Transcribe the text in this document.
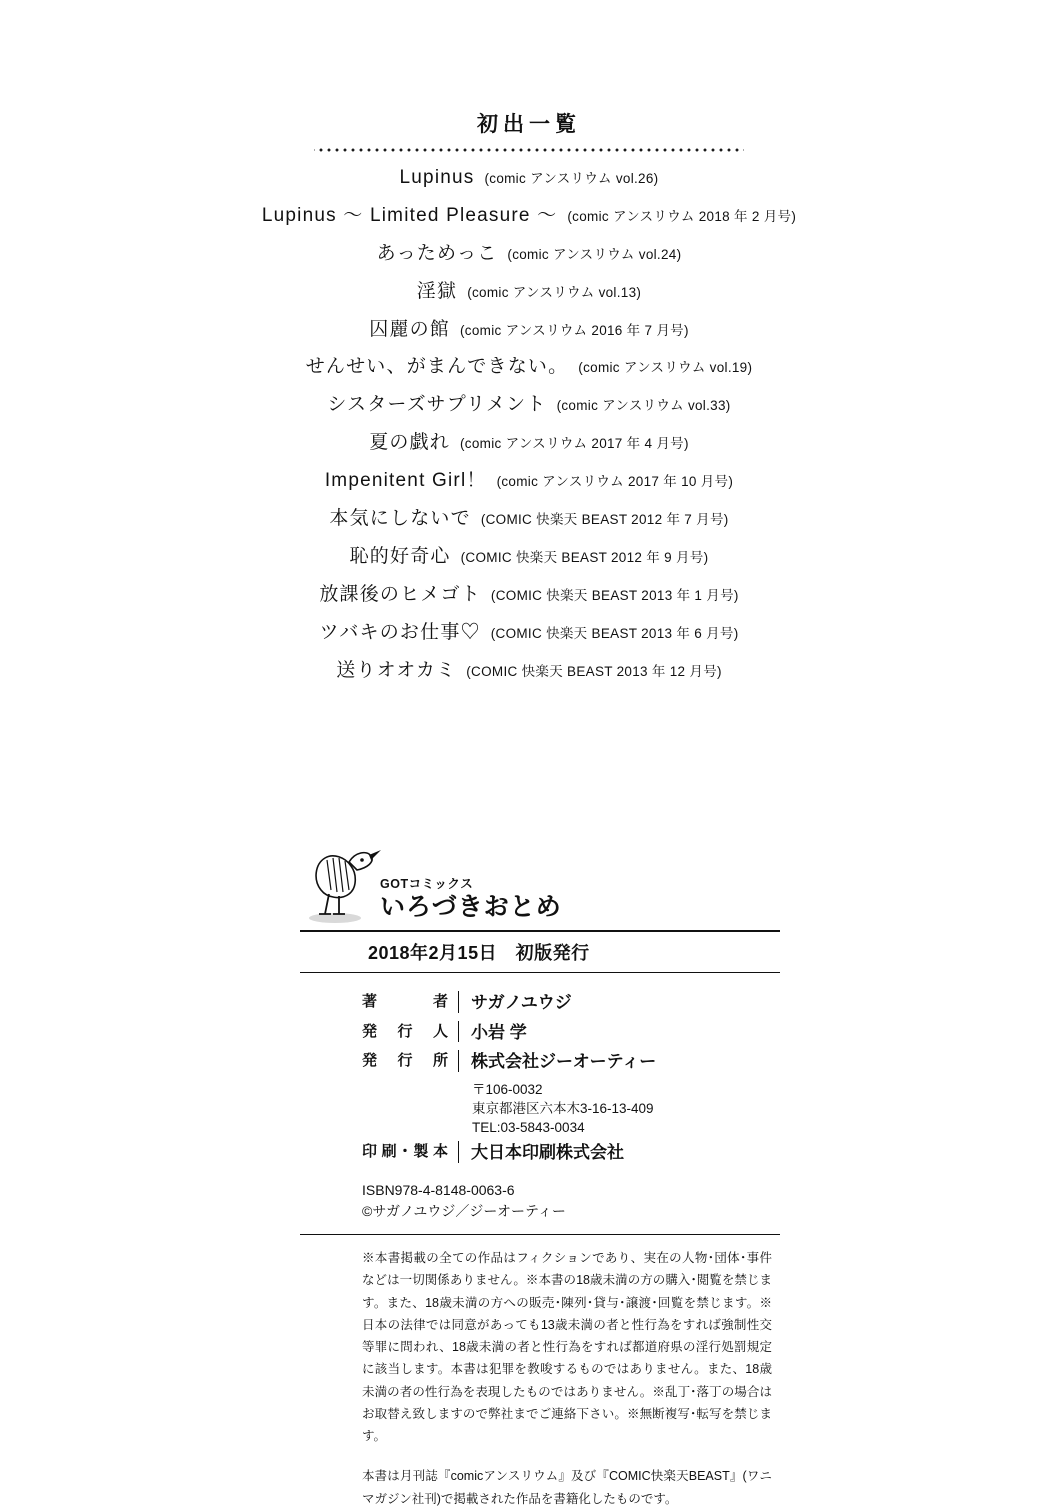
初出一覧
Lupinus (comic アンスリウム vol.26)
Lupinus 〜 Limited Pleasure 〜 (comic アンスリウム 2018 年 2 月号)
あっためっこ (comic アンスリウム vol.24)
淫獄 (comic アンスリウム vol.13)
囚麗の館 (comic アンスリウム 2016 年 7 月号)
せんせい、がまんできない。 (comic アンスリウム vol.19)
シスターズサプリメント (comic アンスリウム vol.33)
夏の戯れ (comic アンスリウム 2017 年 4 月号)
Impenitent Girl！ (comic アンスリウム 2017 年 10 月号)
本気にしないで (COMIC 快楽天 BEAST 2012 年 7 月号)
恥的好奇心 (COMIC 快楽天 BEAST 2012 年 9 月号)
放課後のヒメゴト (COMIC 快楽天 BEAST 2013 年 1 月号)
ツバキのお仕事♡ (COMIC 快楽天 BEAST 2013 年 6 月号)
送りオオカミ (COMIC 快楽天 BEAST 2013 年 12 月号)
GOTコミックス
いろづきおとめ
2018年2月15日　初版発行
著　者	サガノユウジ
発行人	小岩 学
発行所	株式会社ジーオーティー
〒106-0032
東京都港区六本木3-16-13-409
TEL:03-5843-0034
印刷･製本	大日本印刷株式会社
ISBN978-4-8148-0063-6
©サガノユウジ／ジーオーティー
※本書掲載の全ての作品はフィクションであり、実在の人物･団体･事件などは一切関係ありません。※本書の18歳未満の方の購入･閲覧を禁じます。また、18歳未満の方への販売･陳列･貸与･譲渡･回覧を禁じます。※日本の法律では同意があっても13歳未満の者と性行為をすれば強制性交等罪に問われ、18歳未満の者と性行為をすれば都道府県の淫行処罰規定に該当します。本書は犯罪を教唆するものではありません。また、18歳未満の者の性行為を表現したものではありません。※乱丁･落丁の場合はお取替え致しますので弊社までご連絡下さい。※無断複写･転写を禁じます。
本書は月刊誌『comicアンスリウム』及び『COMIC快楽天BEAST』(ワニマガジン社刊)で掲載された作品を書籍化したものです。
